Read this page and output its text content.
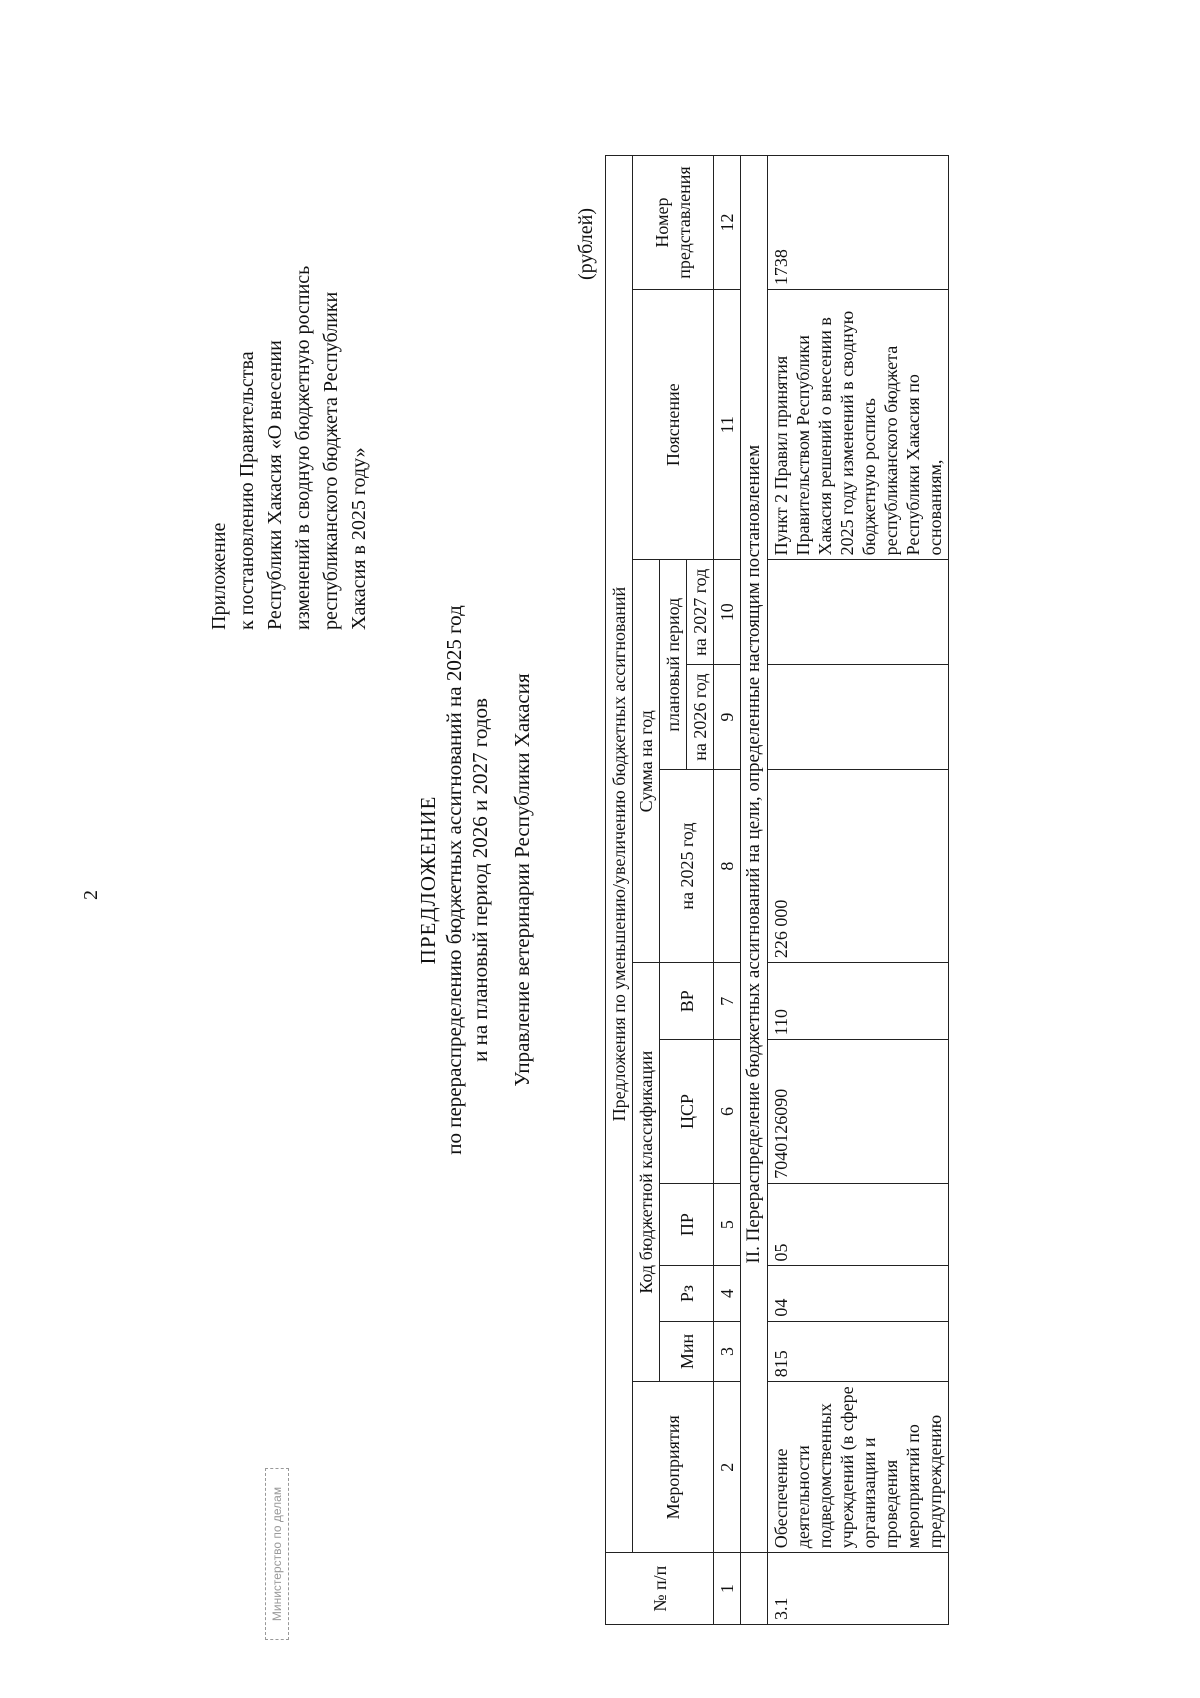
2
Приложение к постановлению Правительства Республики Хакасия «О внесении изменений в сводную бюджетную роспись республиканского бюджета Республики Хакасия в 2025 году»
ПРЕДЛОЖЕНИЕ по перераспределению бюджетных ассигнований на 2025 год и на плановый период 2026 и 2027 годов Управление ветеринарии Республики Хакасия
(рублей)
№ п/п	Предложения по уменьшению/увеличению бюджетных ассигнований										
	Мероприятия	Код бюджетной классификации					Сумма на год			Пояснение	Номер представления
		Мин	Рз	ПР	ЦСР	ВР	на 2025 год	плановый период			
								на 2026 год	на 2027 год		
1	2	3	4	5	6	7	8	9	10	11	12
	II. Перераспределение бюджетных ассигнований на цели, определенные настоящим постановлением										
3.1	Обеспечение деятельности подведомственных учреждений (в сфере организации и проведения мероприятий по предупреждению	815	04	05	7040126090	110	226 000			Пункт 2 Правил принятия Правительством Республики Хакасия решений о внесении в 2025 году изменений в сводную бюджетную роспись республиканского бюджета Республики Хакасия по основаниям,	1738
Министерство по делам
